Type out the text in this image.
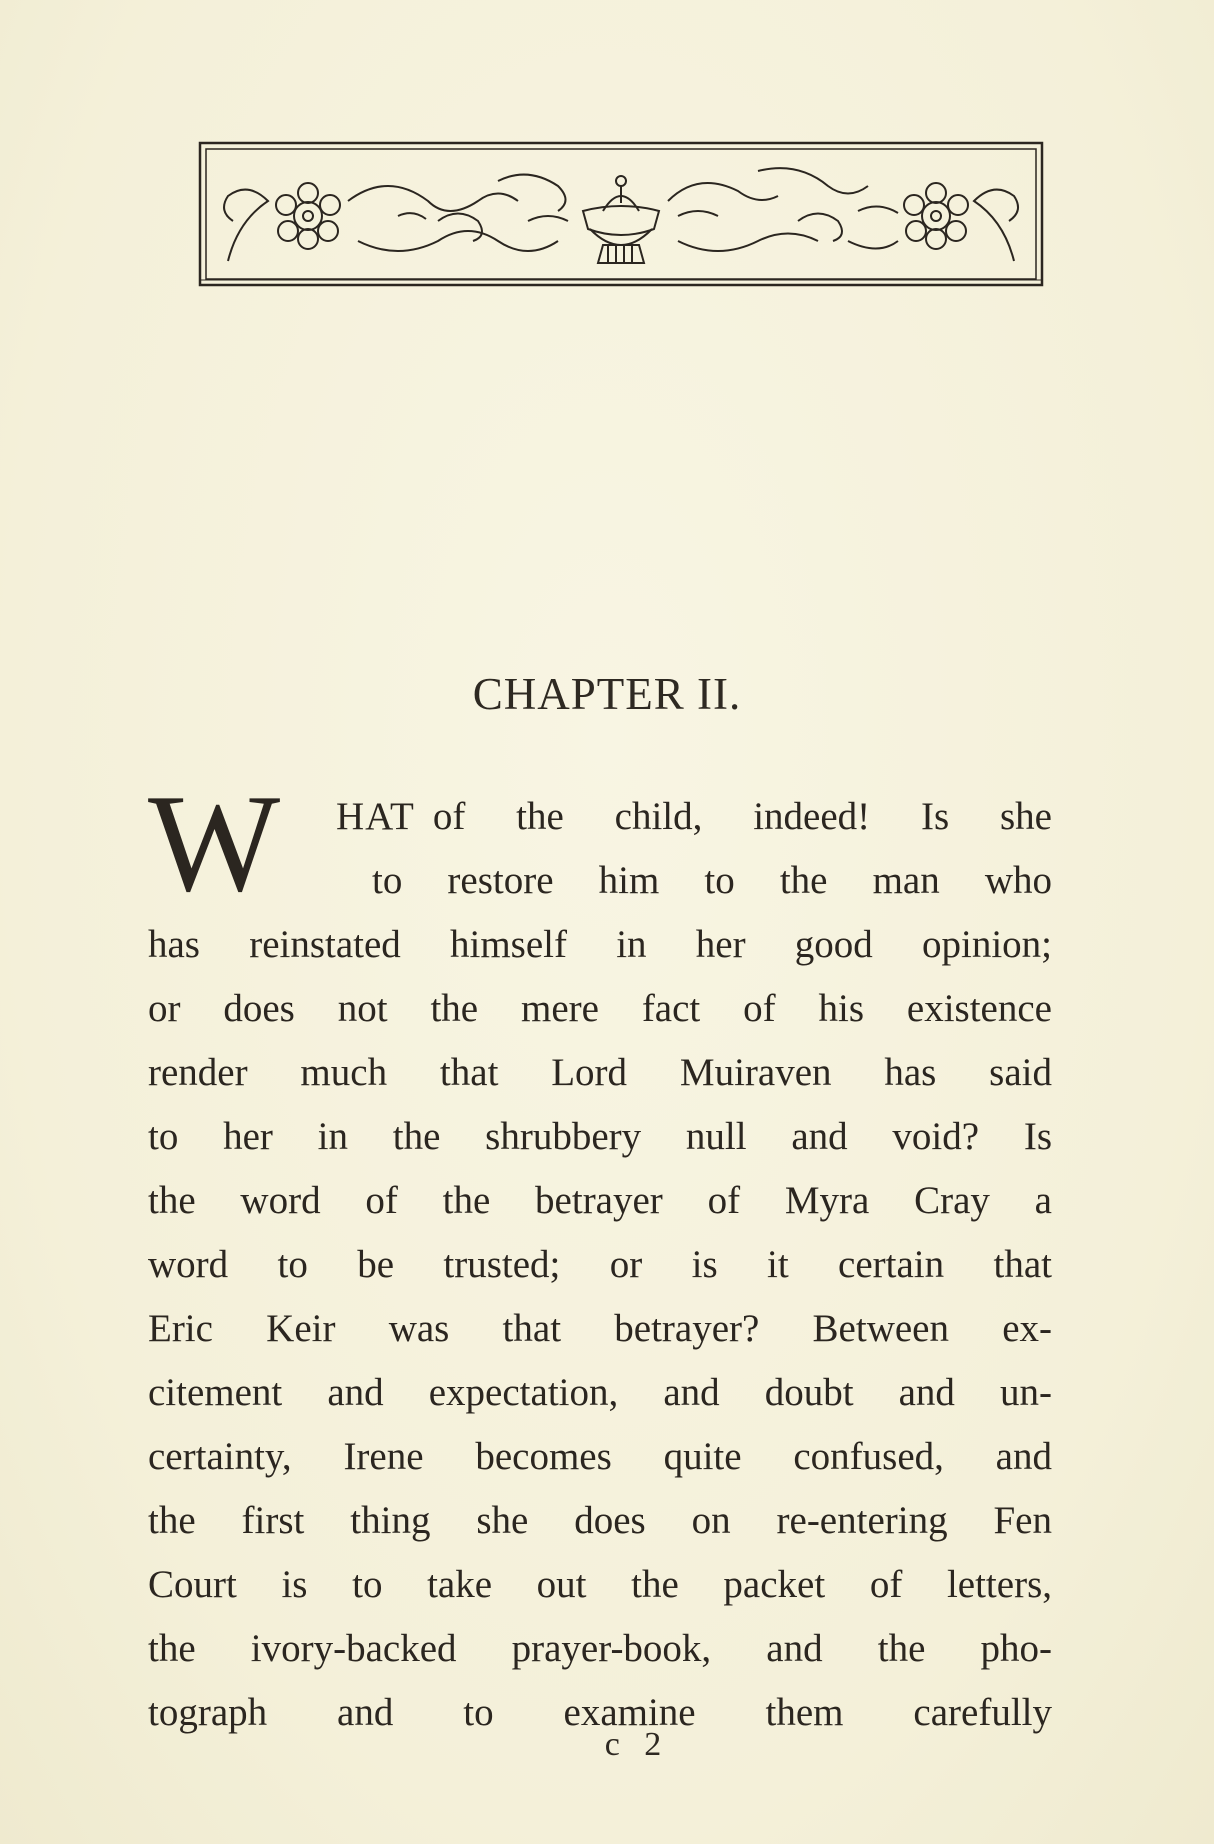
CHAPTER II.
W HAT of the child, indeed! Is she
to restore him to the man who
has reinstated himself in her good opinion;
or does not the mere fact of his existence
render much that Lord Muiraven has said
to her in the shrubbery null and void? Is
the word of the betrayer of Myra Cray a
word to be trusted; or is it certain that
Eric Keir was that betrayer? Between ex-
citement and expectation, and doubt and un-
certainty, Irene becomes quite confused, and
the first thing she does on re-entering Fen
Court is to take out the packet of letters,
the ivory-backed prayer-book, and the pho-
tograph and to examine them carefully
c 2
